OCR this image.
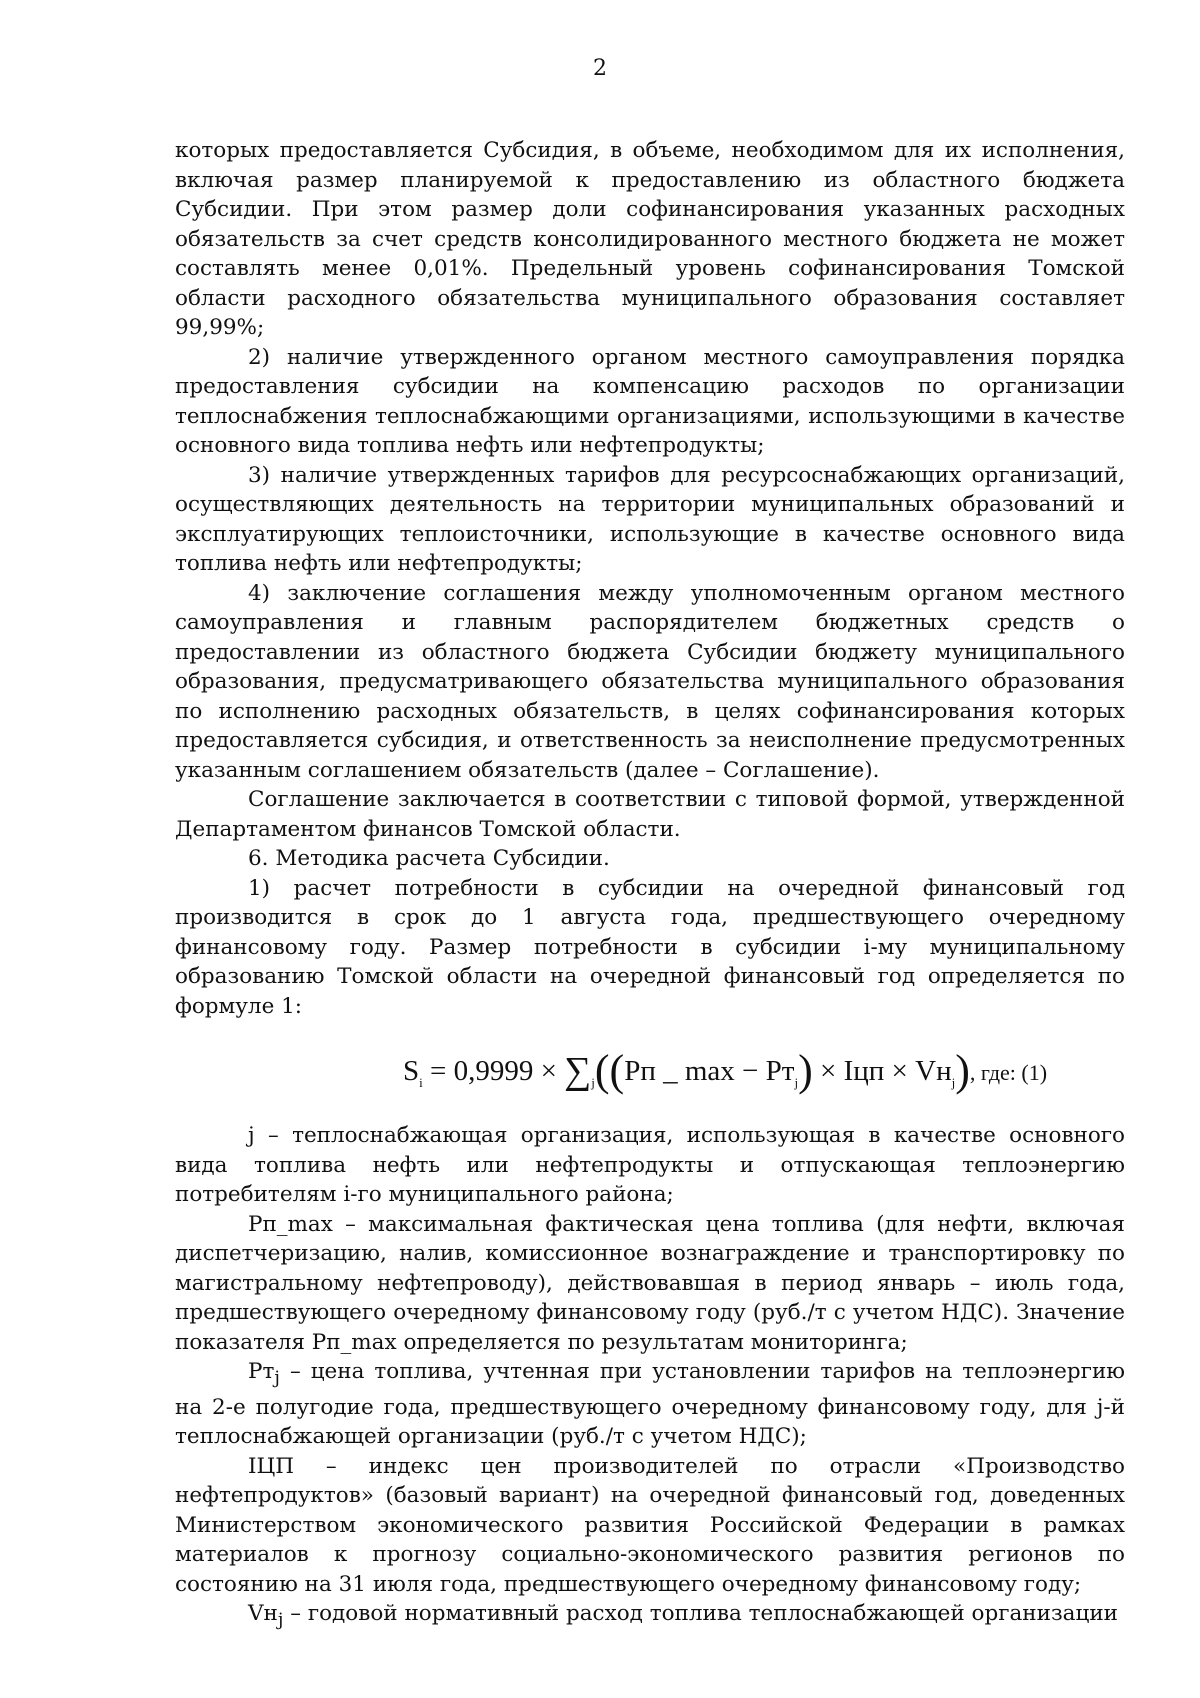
2

которых предоставляется Субсидия, в объеме, необходимом для их исполнения, включая размер планируемой к предоставлению из областного бюджета Субсидии. При этом размер доли софинансирования указанных расходных обязательств за счет средств консолидированного местного бюджета не может составлять менее 0,01%. Предельный уровень софинансирования Томской области расходного обязательства муниципального образования составляет 99,99%;

2) наличие утвержденного органом местного самоуправления порядка предоставления субсидии на компенсацию расходов по организации теплоснабжения теплоснабжающими организациями, использующими в качестве основного вида топлива нефть или нефтепродукты;

3) наличие утвержденных тарифов для ресурсоснабжающих организаций, осуществляющих деятельность на территории муниципальных образований и эксплуатирующих теплоисточники, использующие в качестве основного вида топлива нефть или нефтепродукты;

4) заключение соглашения между уполномоченным органом местного самоуправления и главным распорядителем бюджетных средств о предоставлении из областного бюджета Субсидии бюджету муниципального образования, предусматривающего обязательства муниципального образования по исполнению расходных обязательств, в целях софинансирования которых предоставляется субсидия, и ответственность за неисполнение предусмотренных указанным соглашением обязательств (далее – Соглашение).

Соглашение заключается в соответствии с типовой формой, утвержденной Департаментом финансов Томской области.

6. Методика расчета Субсидии.

1) расчет потребности в субсидии на очередной финансовый год производится в срок до 1 августа года, предшествующего очередному финансовому году. Размер потребности в субсидии i-му муниципальному образованию Томской области на очередной финансовый год определяется по формуле 1:

$S_i = 0,9999 \times \sum_j((Рп$ _ $\max - Рт_j$) × Iцп × $Vн_j$), где: (1)

j – теплоснабжающая организация, использующая в качестве основного вида топлива нефть или нефтепродукты и отпускающая теплоэнергию потребителям i-го муниципального района;

Рп_max – максимальная фактическая цена топлива (для нефти, включая диспетчеризацию, налив, комиссионное вознаграждение и транспортировку по магистральному нефтепроводу), действовавшая в период январь – июль года, предшествующего очередному финансовому году (руб./т с учетом НДС). Значение показателя Рп_max определяется по результатам мониторинга;

$Рт_j$ – цена топлива, учтенная при установлении тарифов на теплоэнергию на 2-е полугодие года, предшествующего очередному финансовому году, для j-й теплоснабжающей организации (руб./т с учетом НДС);

IЦП – индекс цен производителей по отрасли «Производство нефтепродуктов» (базовый вариант) на очередной финансовый год, доведенных Министерством экономического развития Российской Федерации в рамках материалов к прогнозу социально-экономического развития регионов по состоянию на 31 июля года, предшествующего очередному финансовому году;

$Vн_j$ – годовой нормативный расход топлива теплоснабжающей организации
